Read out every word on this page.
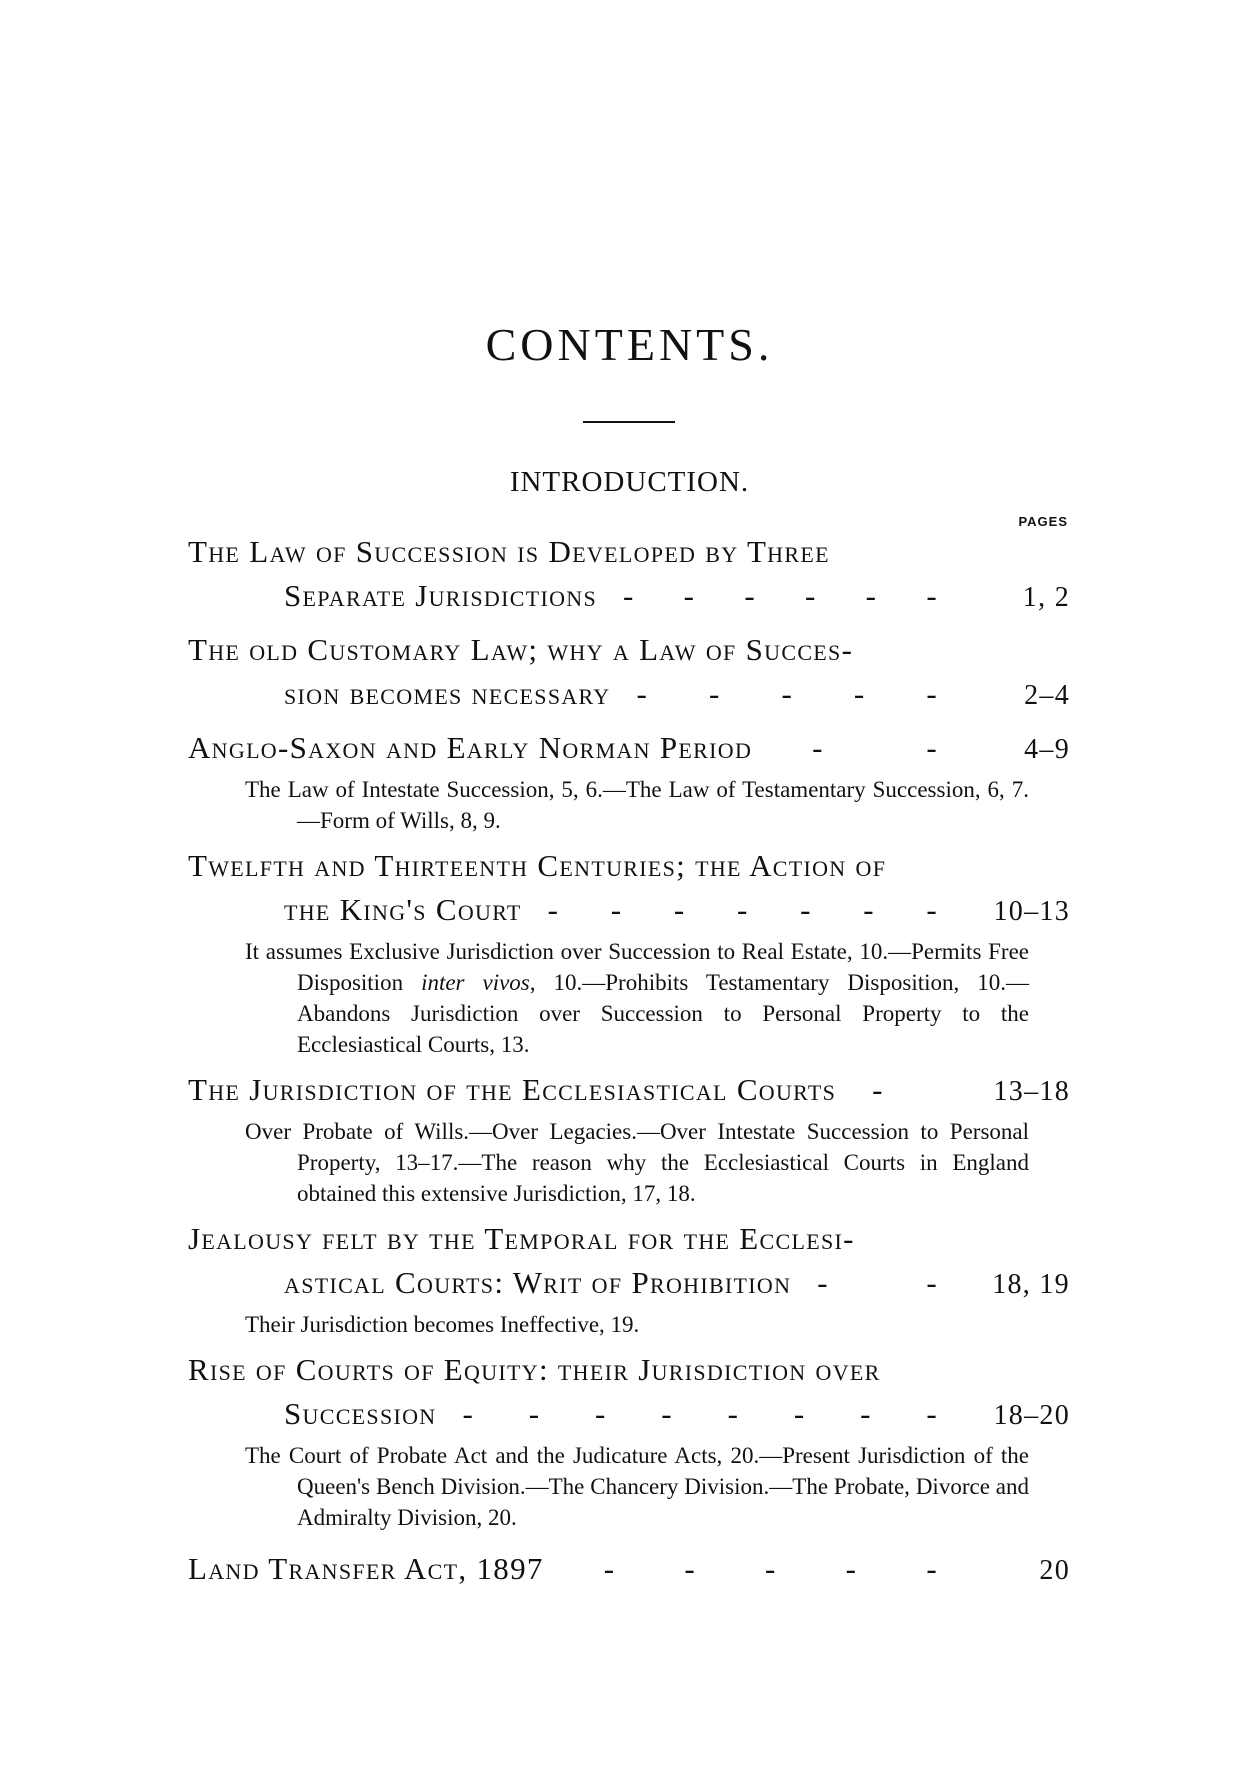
CONTENTS.
INTRODUCTION.
PAGES
The Law of Succession is Developed by Three
Separate Jurisdictions - - - - - -	1, 2
The old Customary Law; why a Law of Succes-
sion becomes necessary - - - - -	2–4
Anglo-Saxon and Early Norman Period -	-	4–9
The Law of Intestate Succession, 5, 6.—The Law of Testamentary Succession, 6, 7.—Form of Wills, 8, 9.
Twelfth and Thirteenth Centuries; the Action of
the King's Court - - - - - - -	10–13
It assumes Exclusive Jurisdiction over Succession to Real Estate, 10.—Permits Free Disposition inter vivos, 10.—Prohibits Testamentary Disposition, 10.—Abandons Jurisdiction over Succession to Personal Property to the Ecclesiastical Courts, 13.
The Jurisdiction of the Ecclesiastical Courts -	13–18
Over Probate of Wills.—Over Legacies.—Over Intestate Succession to Personal Property, 13–17.—The reason why the Ecclesiastical Courts in England obtained this extensive Jurisdiction, 17, 18.
Jealousy felt by the Temporal for the Ecclesi-
astical Courts: Writ of Prohibition -	-	18, 19
Their Jurisdiction becomes Ineffective, 19.
Rise of Courts of Equity: their Jurisdiction over
Succession - - - - - - - -	18–20
The Court of Probate Act and the Judicature Acts, 20.—Present Jurisdiction of the Queen's Bench Division.—The Chancery Division.—The Probate, Divorce and Admiralty Division, 20.
Land Transfer Act, 1897 - - - - -	20
